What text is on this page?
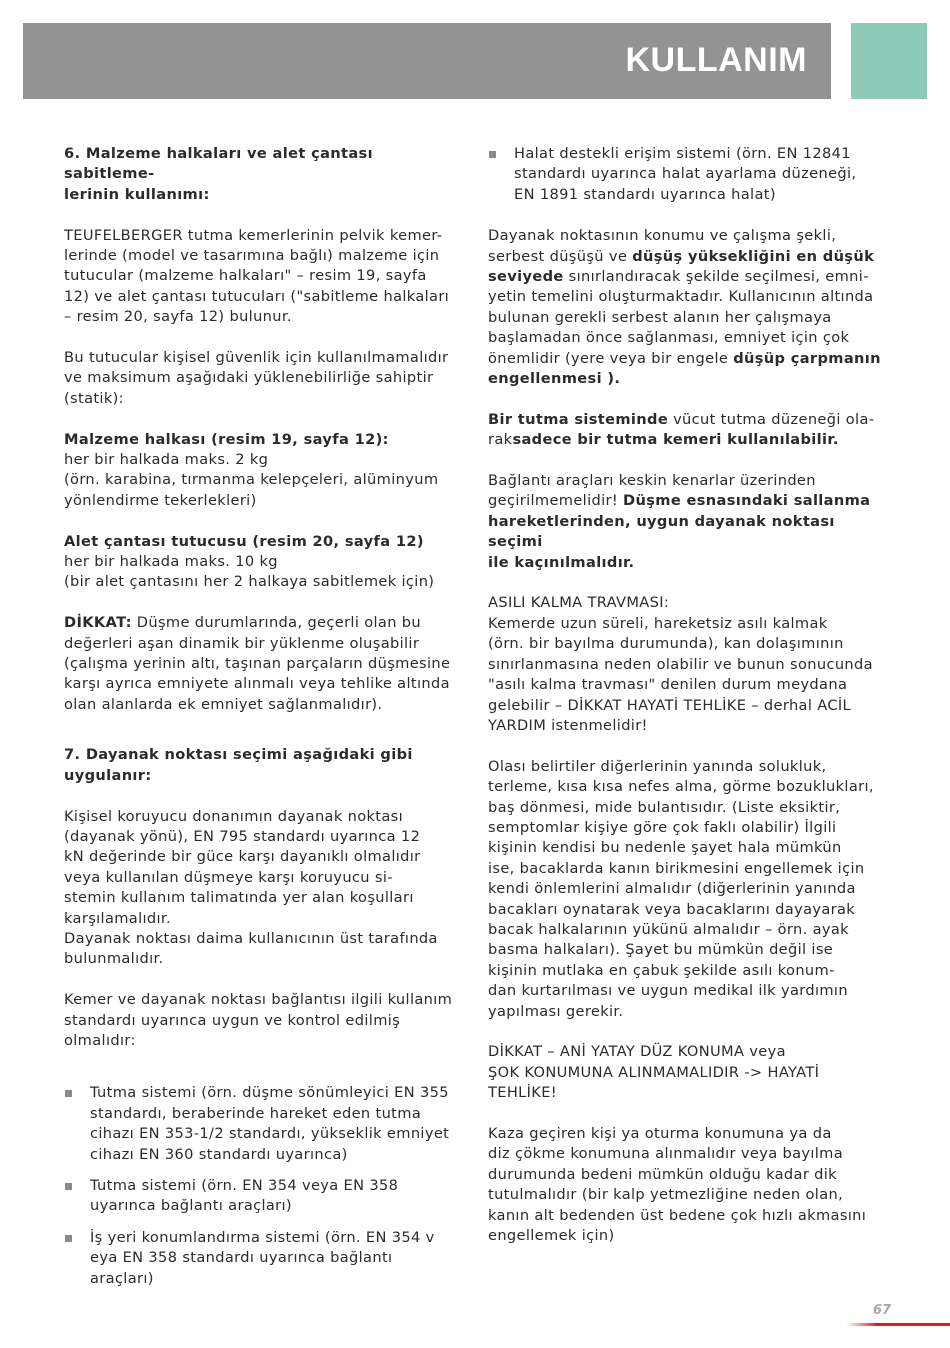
KULLANIM

6. Malzeme halkaları ve alet çantası sabitleme-
lerinin kullanımı:

TEUFELBERGER tutma kemerlerinin pelvik kemer-
lerinde (model ve tasarımına bağlı) malzeme için
tutucular (malzeme halkaları" – resim 19, sayfa
12) ve alet çantası tutucuları ("sabitleme halkaları
– resim 20, sayfa 12) bulunur.

Bu tutucular kişisel güvenlik için kullanılmamalıdır
ve maksimum aşağıdaki yüklenebilirliğe sahiptir
(statik):

Malzeme halkası (resim 19, sayfa 12):
her bir halkada maks. 2 kg
(örn. karabina, tırmanma kelepçeleri, alüminyum
yönlendirme tekerlekleri)

Alet çantası tutucusu (resim 20, sayfa 12)
her bir halkada maks. 10 kg
(bir alet çantasını her 2 halkaya sabitlemek için)

DİKKAT: Düşme durumlarında, geçerli olan bu
değerleri aşan dinamik bir yüklenme oluşabilir
(çalışma yerinin altı, taşınan parçaların düşmesine
karşı ayrıca emniyete alınmalı veya tehlike altında
olan alanlarda ek emniyet sağlanmalıdır).

7. Dayanak noktası seçimi aşağıdaki gibi
uygulanır:

Kişisel koruyucu donanımın dayanak noktası
(dayanak yönü), EN 795 standardı uyarınca 12
kN değerinde bir güce karşı dayanıklı olmalıdır
veya kullanılan düşmeye karşı koruyucu si-
stemin kullanım talimatında yer alan koşulları
karşılamalıdır.
Dayanak noktası daima kullanıcının üst tarafında
bulunmalıdır.

Kemer ve dayanak noktası bağlantısı ilgili kullanım
standardı uyarınca uygun ve kontrol edilmiş
olmalıdır:

Tutma sistemi (örn. düşme sönümleyici EN 355
standardı, beraberinde hareket eden tutma
cihazı EN 353-1/2 standardı, yükseklik emniyet
cihazı EN 360 standardı uyarınca)
Tutma sistemi (örn. EN 354 veya EN 358
uyarınca bağlantı araçları)
İş yeri konumlandırma sistemi (örn. EN 354 v
eya EN 358 standardı uyarınca bağlantı
araçları)
Halat destekli erişim sistemi (örn. EN 12841
standardı uyarınca halat ayarlama düzeneği,
EN 1891 standardı uyarınca halat)

Dayanak noktasının konumu ve çalışma şekli,
serbest düşüşü ve düşüş yüksekliğini en düşük
seviyede sınırlandıracak şekilde seçilmesi, emni-
yetin temelini oluşturmaktadır. Kullanıcının altında
bulunan gerekli serbest alanın her çalışmaya
başlamadan önce sağlanması, emniyet için çok
önemlidir (yere veya bir engele düşüp çarpmanın
engellenmesi ).

Bir tutma sisteminde vücut tutma düzeneği ola-
raksadece bir tutma kemeri kullanılabilir.

Bağlantı araçları keskin kenarlar üzerinden
geçirilmemelidir! Düşme esnasındaki sallanma
hareketlerinden, uygun dayanak noktası seçimi
ile kaçınılmalıdır.

ASILI KALMA TRAVMASI:
Kemerde uzun süreli, hareketsiz asılı kalmak
(örn. bir bayılma durumunda), kan dolaşımının
sınırlanmasına neden olabilir ve bunun sonucunda
"asılı kalma travması" denilen durum meydana
gelebilir – DİKKAT HAYATİ TEHLİKE – derhal ACİL
YARDIM istenmelidir!

Olası belirtiler diğerlerinin yanında solukluk,
terleme, kısa kısa nefes alma, görme bozuklukları,
baş dönmesi, mide bulantısıdır. (Liste eksiktir,
semptomlar kişiye göre çok faklı olabilir) İlgili
kişinin kendisi bu nedenle şayet hala mümkün
ise, bacaklarda kanın birikmesini engellemek için
kendi önlemlerini almalıdır (diğerlerinin yanında
bacakları oynatarak veya bacaklarını dayayarak
bacak halkalarının yükünü almalıdır – örn. ayak
basma halkaları). Şayet bu mümkün değil ise
kişinin mutlaka en çabuk şekilde asılı konum-
dan kurtarılması ve uygun medikal ilk yardımın
yapılması gerekir.

DİKKAT – ANİ YATAY DÜZ KONUMA veya
ŞOK KONUMUNA ALINMAMALIDIR -> HAYATİ
TEHLİKE!

Kaza geçiren kişi ya oturma konumuna ya da
diz çökme konumuna alınmalıdır veya bayılma
durumunda bedeni mümkün olduğu kadar dik
tutulmalıdır (bir kalp yetmezliğine neden olan,
kanın alt bedenden üst bedene çok hızlı akmasını
engellemek için)

67
